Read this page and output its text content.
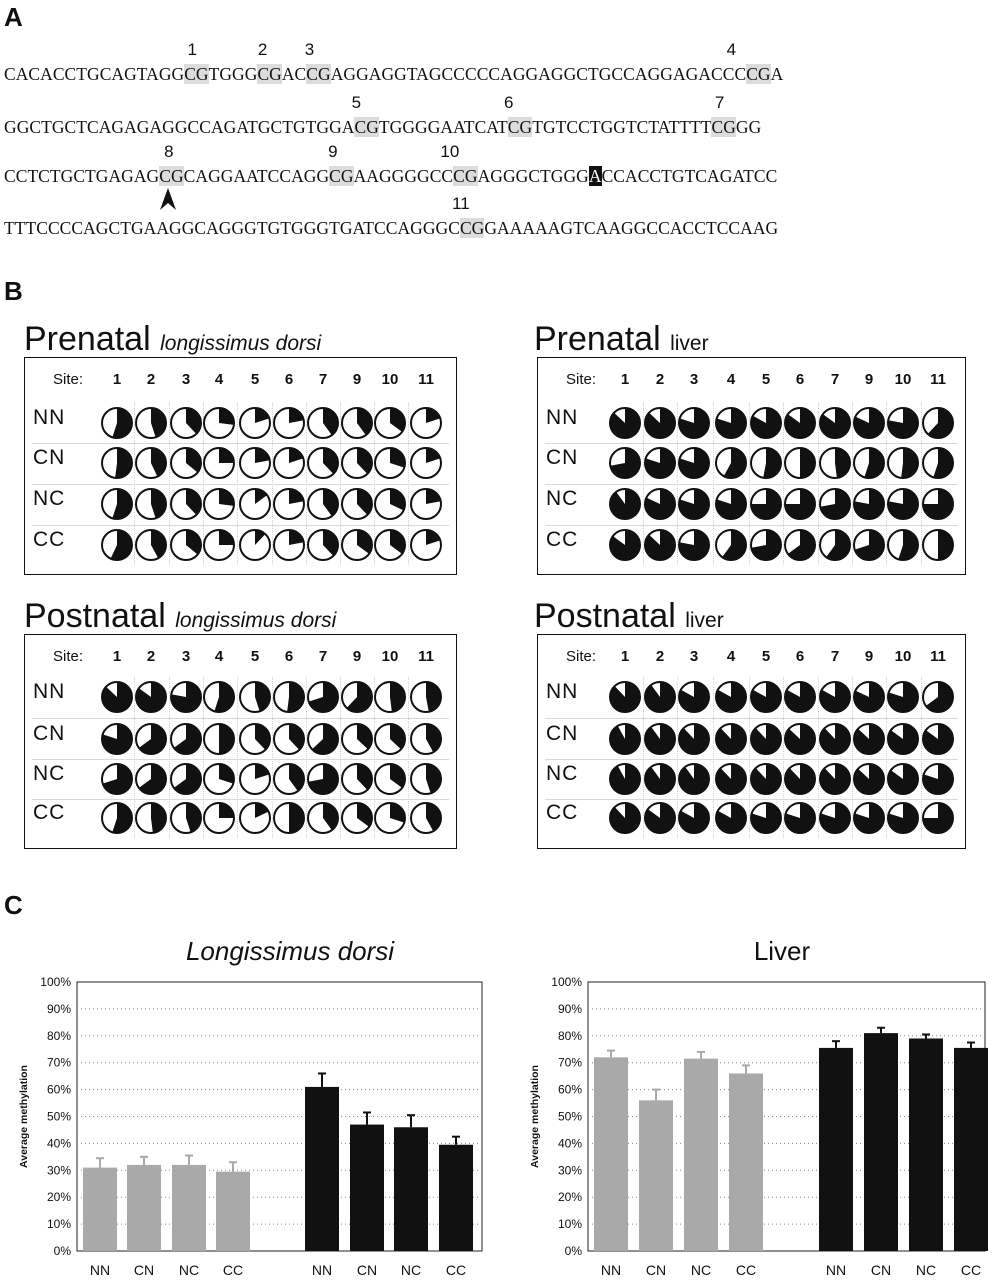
A
CACACCTGCAGTAGGCGTGGGCGACCGAGGAGGTAGCCCCCAGGAGGCTGCCAGGAGACCCCGA
GGCTGCTCAGAGAGGCCAGATGCTGTGGACGTGGGGAATCATCGTGTCCTGGTCTATTTTCGGG
CCTCTGCTGAGAGCGCAGGAATCCAGGCGAAGGGGCCCGAGGGCTGGGACCACCTGTCAGATCC
TTTCCCCAGCTGAAGGCAGGGTGTGGGTGATCCAGGGCCGGAAAAAGTCAAGGCCACCTCCAAG
1	2 3	4
5	6	7
8	9	10
11
B
Prenatal longissimus dorsi
Site:	1	2	3	4	5	6	7	9	10	11
NN
CN
NC
CC
Prenatal liver
Site:	1	2	3	4	5	6	7	9	10	11
NN
CN
NC
CC
Postnatal longissimus dorsi
Site:	1	2	3	4	5	6	7	9	10	11
NN
CN
NC
CC
Postnatal liver
Site:	1	2	3	4	5	6	7	9	10	11
NN
CN
NC
CC
C
Longissimus dorsi	Liver
0%
10%
20%
30%
40%
50%
60%
70%
80%
90%
100%
Average methylation
NN CN NC CC	NN CN NC CC
0%
10%
20%
30%
40%
50%
60%
70%
80%
90%
100%
Average methylation
NN CN NC CC	NN CN NC CC
